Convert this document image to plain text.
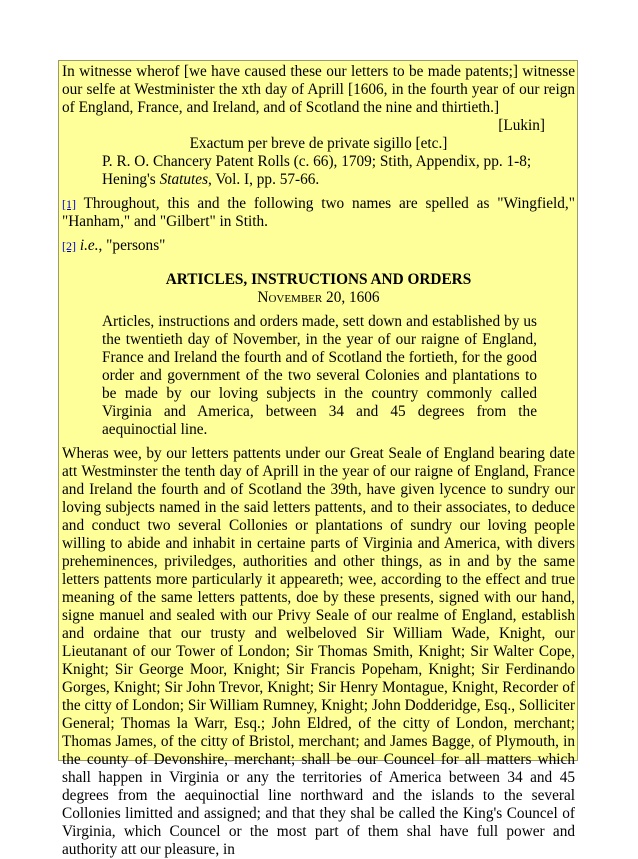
In witnesse wherof [we have caused these our letters to be made patents;] witnesse our selfe at Westminister the xth day of Aprill [1606, in the fourth year of our reign of England, France, and Ireland, and of Scotland the nine and thirtieth.]

[Lukin]

Exactum per breve de private sigillo [etc.]

P. R. O. Chancery Patent Rolls (c. 66), 1709; Stith, Appendix, pp. 1-8;
Hening's Statutes, Vol. I, pp. 57-66.

[1] Throughout, this and the following two names are spelled as "Wingfield," "Hanham," and "Gilbert" in Stith.

[2] i.e., "persons"

ARTICLES, INSTRUCTIONS AND ORDERS

November 20, 1606

Articles, instructions and orders made, sett down and established by us the twentieth day of November, in the year of our raigne of England, France and Ireland the fourth and of Scotland the fortieth, for the good order and government of the two several Colonies and plantations to be made by our loving subjects in the country commonly called Virginia and America, between 34 and 45 degrees from the aequinoctial line.

Wheras wee, by our letters pattents under our Great Seale of England bearing date att Westminster the tenth day of Aprill in the year of our raigne of England, France and Ireland the fourth and of Scotland the 39th, have given lycence to sundry our loving subjects named in the said letters pattents, and to their associates, to deduce and conduct two several Collonies or plantations of sundry our loving people willing to abide and inhabit in certaine parts of Virginia and America, with divers preheminences, priviledges, authorities and other things, as in and by the same letters pattents more particularly it appeareth; wee, according to the effect and true meaning of the same letters pattents, doe by these presents, signed with our hand, signe manuel and sealed with our Privy Seale of our realme of England, establish and ordaine that our trusty and welbeloved Sir William Wade, Knight, our Lieutanant of our Tower of London; Sir Thomas Smith, Knight; Sir Walter Cope, Knight; Sir George Moor, Knight; Sir Francis Popeham, Knight; Sir Ferdinando Gorges, Knight; Sir John Trevor, Knight; Sir Henry Montague, Knight, Recorder of the citty of London; Sir William Rumney, Knight; John Dodderidge, Esq., Solliciter General; Thomas la Warr, Esq.; John Eldred, of the citty of London, merchant; Thomas James, of the citty of Bristol, merchant; and James Bagge, of Plymouth, in the county of Devonshire, merchant; shall be our Councel for all matters which shall happen in Virginia or any the territories of America between 34 and 45 degrees from the aequinoctial line northward and the islands to the several Collonies limitted and assigned; and that they shal be called the King's Councel of Virginia, which Councel or the most part of them shal have full power and authority att our pleasure, in
